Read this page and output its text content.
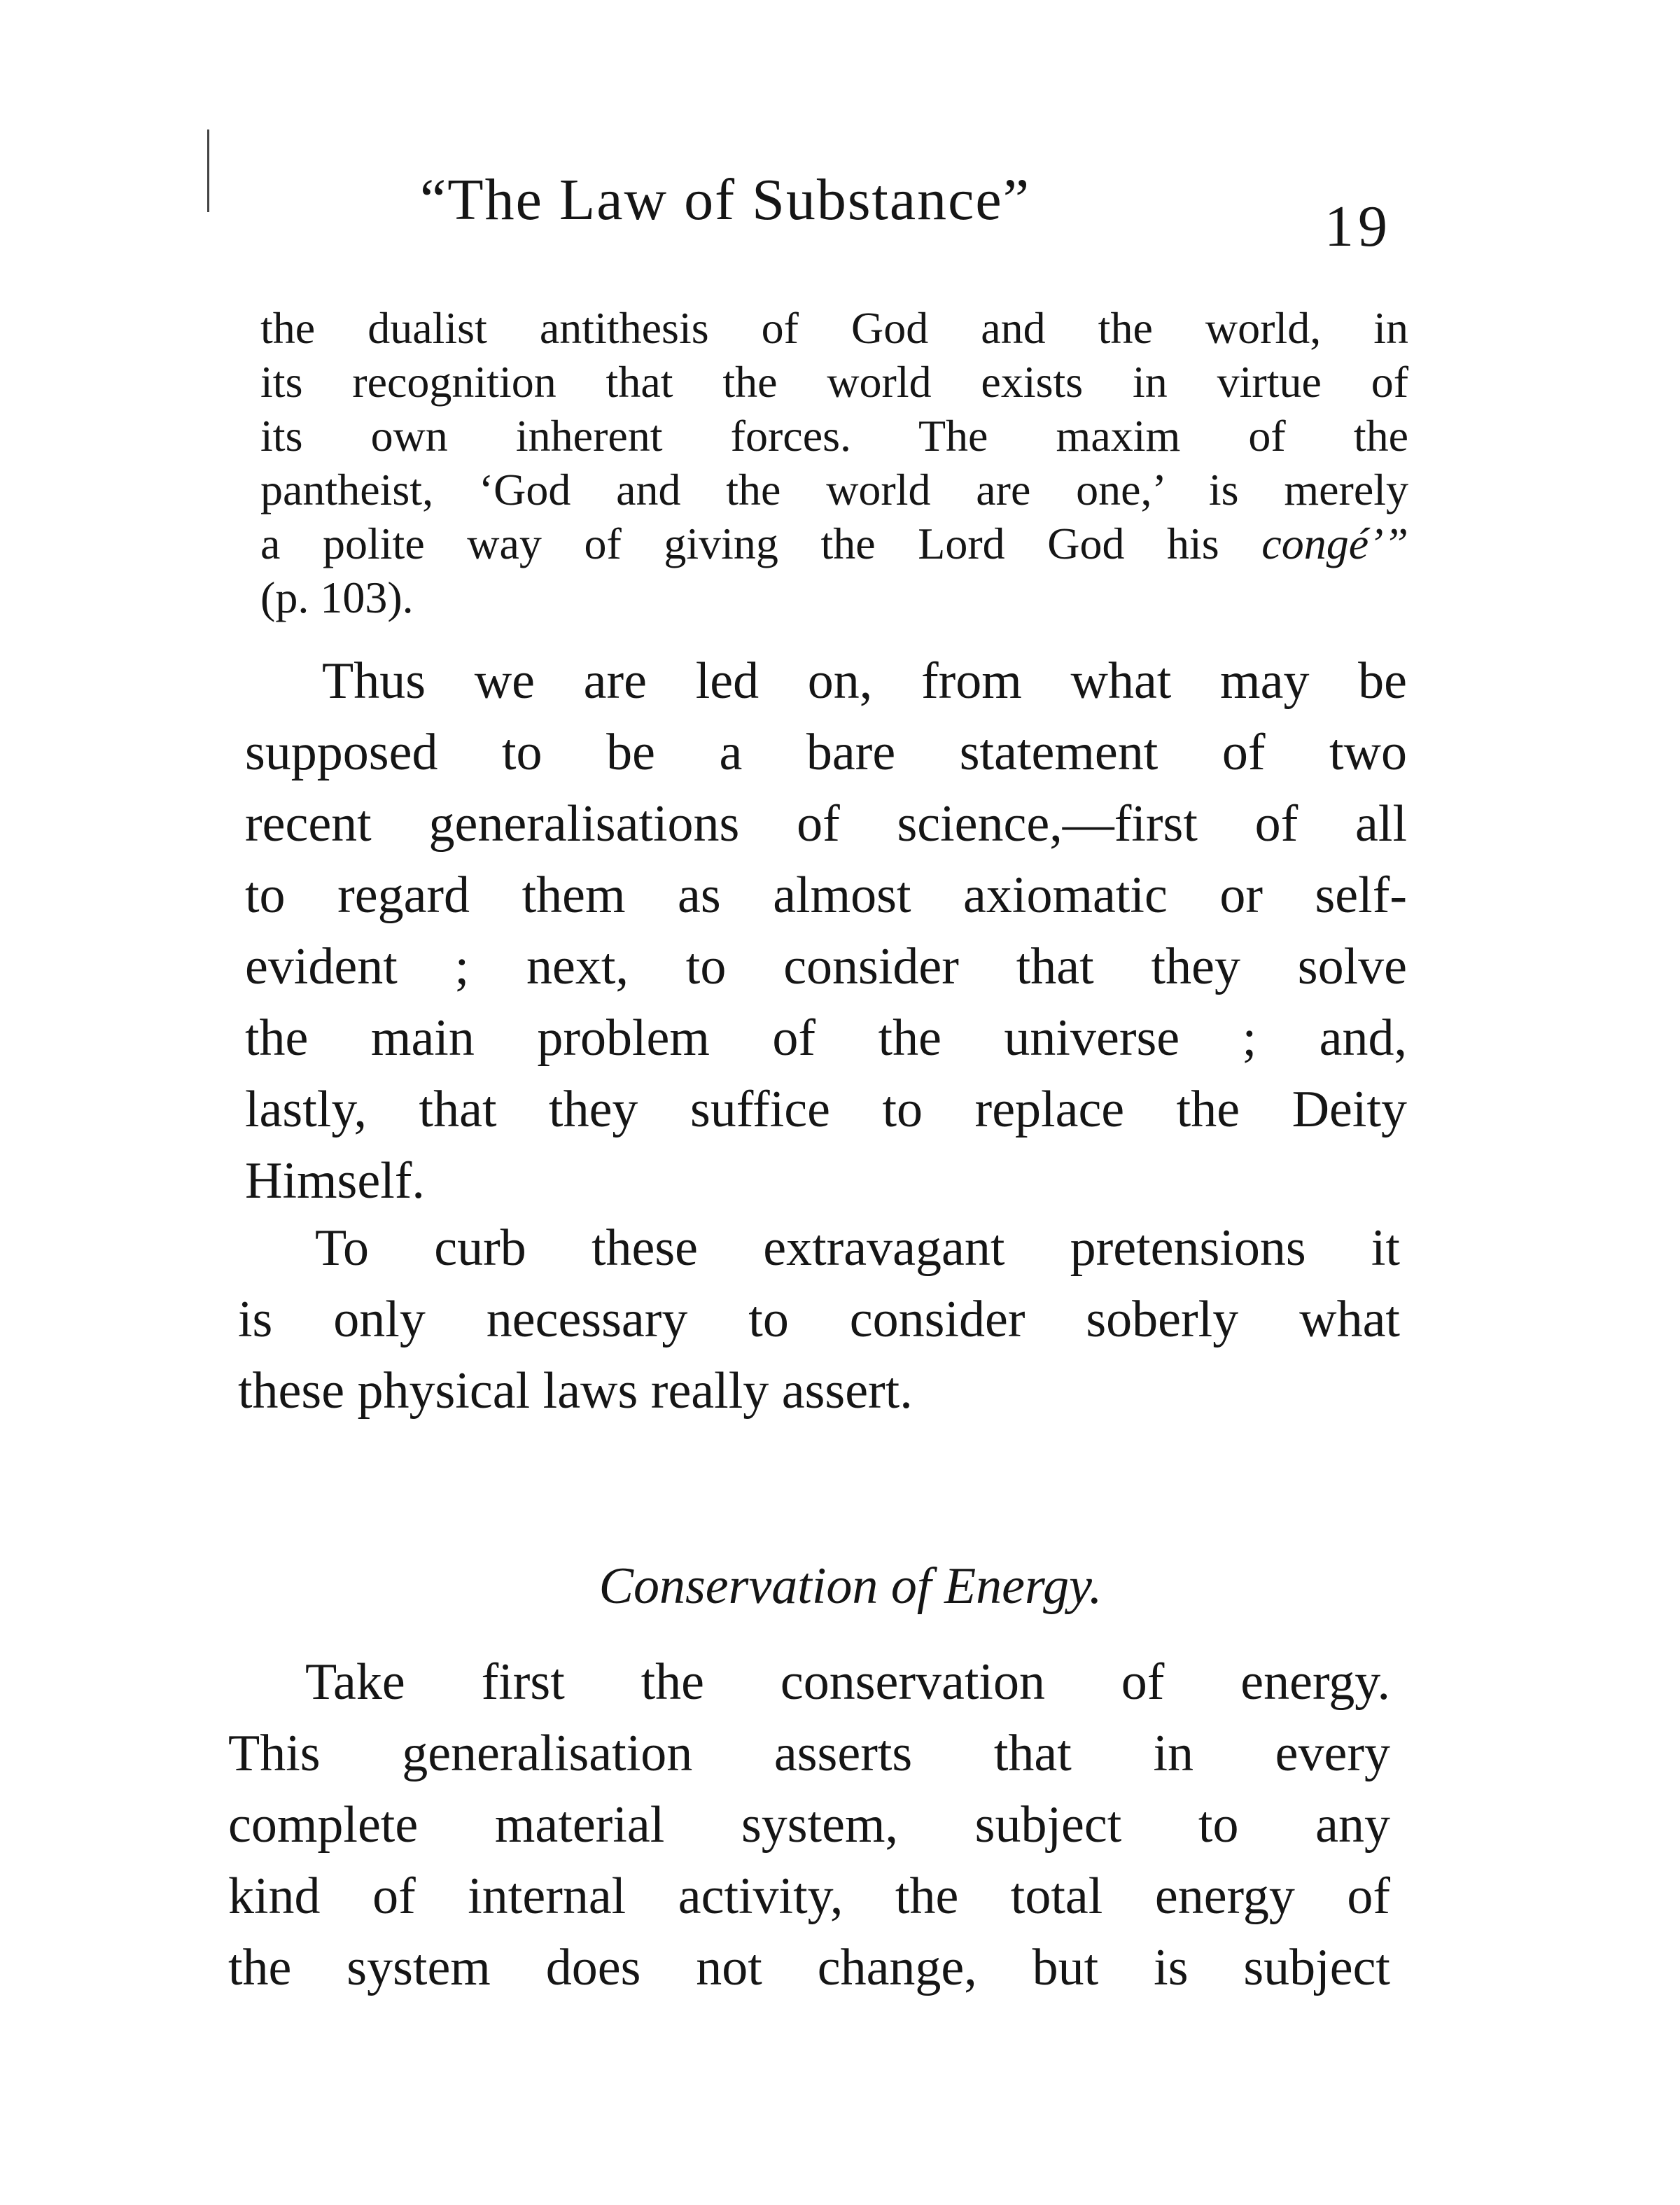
“The Law of Substance”	19
the dualist antithesis of God and the world, in
its recognition that the world exists in virtue of
its own inherent forces. The maxim of the
pantheist, ‘God and the world are one,’ is merely
a polite way of giving the Lord God his congé’”
(p. 103).
Thus we are led on, from what may be
supposed to be a bare statement of two
recent generalisations of science,—first of all
to regard them as almost axiomatic or self-
evident ; next, to consider that they solve
the main problem of the universe ; and,
lastly, that they suffice to replace the Deity
Himself.
To curb these extravagant pretensions it
is only necessary to consider soberly what
these physical laws really assert.
Conservation of Energy.
Take first the conservation of energy.
This generalisation asserts that in every
complete material system, subject to any
kind of internal activity, the total energy of
the system does not change, but is subject
